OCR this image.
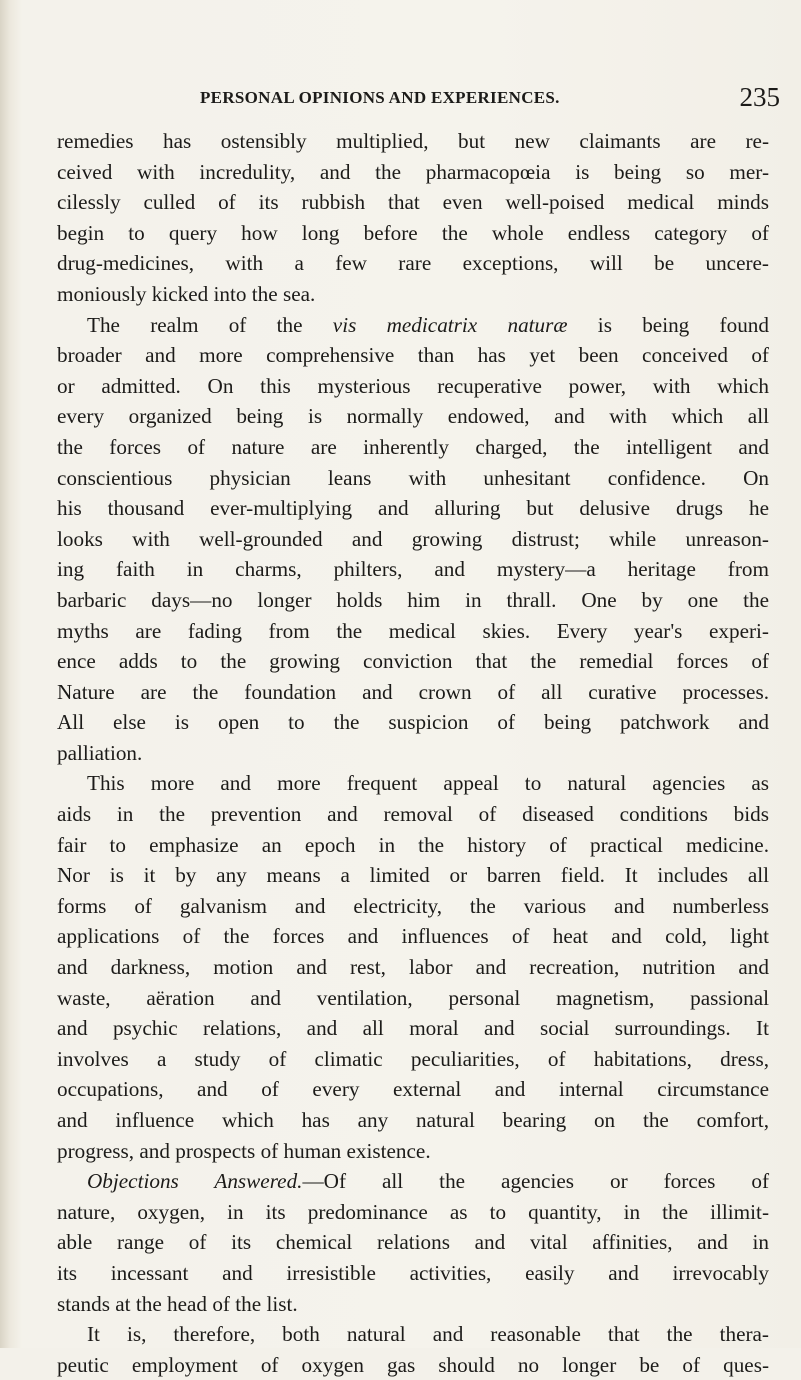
PERSONAL OPINIONS AND EXPERIENCES.	235
remedies has ostensibly multiplied, but new claimants are re-
ceived with incredulity, and the pharmacopœia is being so mer-
cilessly culled of its rubbish that even well-poised medical minds
begin to query how long before the whole endless category of
drug-medicines, with a few rare exceptions, will be uncere-
moniously kicked into the sea.
The realm of the vis medicatrix naturæ is being found
broader and more comprehensive than has yet been conceived of
or admitted. On this mysterious recuperative power, with which
every organized being is normally endowed, and with which all
the forces of nature are inherently charged, the intelligent and
conscientious physician leans with unhesitant confidence. On
his thousand ever-multiplying and alluring but delusive drugs he
looks with well-grounded and growing distrust; while unreason-
ing faith in charms, philters, and mystery—a heritage from
barbaric days—no longer holds him in thrall. One by one the
myths are fading from the medical skies. Every year's experi-
ence adds to the growing conviction that the remedial forces of
Nature are the foundation and crown of all curative processes.
All else is open to the suspicion of being patchwork and
palliation.
This more and more frequent appeal to natural agencies as
aids in the prevention and removal of diseased conditions bids
fair to emphasize an epoch in the history of practical medicine.
Nor is it by any means a limited or barren field. It includes all
forms of galvanism and electricity, the various and numberless
applications of the forces and influences of heat and cold, light
and darkness, motion and rest, labor and recreation, nutrition and
waste, aëration and ventilation, personal magnetism, passional
and psychic relations, and all moral and social surroundings. It
involves a study of climatic peculiarities, of habitations, dress,
occupations, and of every external and internal circumstance
and influence which has any natural bearing on the comfort,
progress, and prospects of human existence.
Objections Answered.—Of all the agencies or forces of
nature, oxygen, in its predominance as to quantity, in the illimit-
able range of its chemical relations and vital affinities, and in
its incessant and irresistible activities, easily and irrevocably
stands at the head of the list.
It is, therefore, both natural and reasonable that the thera-
peutic employment of oxygen gas should no longer be of ques-
